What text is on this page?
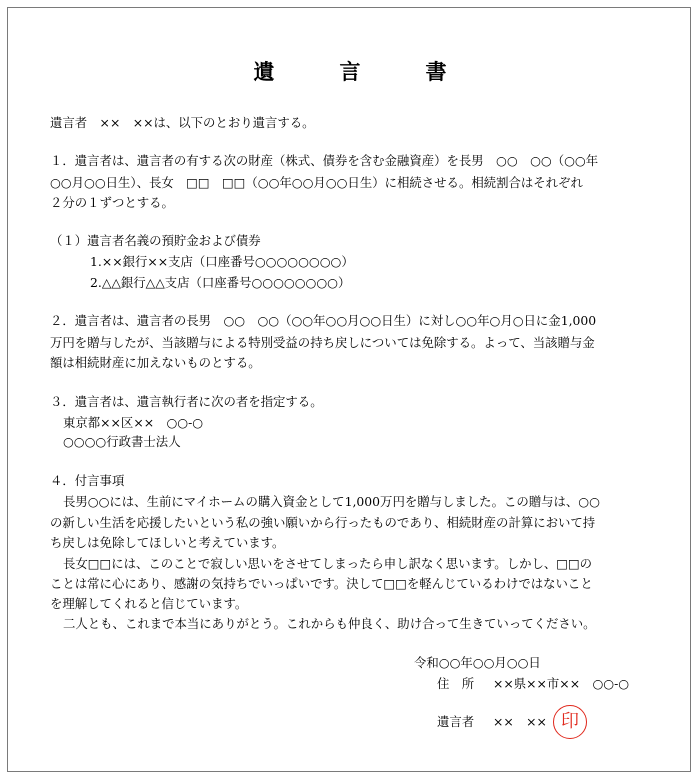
遺　言　書
遺言者　××　××は、以下のとおり遺言する。
１．遺言者は、遺言者の有する次の財産（株式、債券を含む金融資産）を長男　○○　○○（○○年
○○月○○日生）、長女　□□　□□（○○年○○月○○日生）に相続させる。相続割合はそれぞれ
２分の１ずつとする。
（１）遺言者名義の預貯金および債券
1.××銀行××支店（口座番号○○○○○○○○）
2.△△銀行△△支店（口座番号○○○○○○○○）
２．遺言者は、遺言者の長男　○○　○○（○○年○○月○○日生）に対し○○年○月○日に金1,000
万円を贈与したが、当該贈与による特別受益の持ち戻しについては免除する。よって、当該贈与金
額は相続財産に加えないものとする。
３．遺言者は、遺言執行者に次の者を指定する。
東京都××区××　○○-○
○○○○行政書士法人
４．付言事項
長男○○には、生前にマイホームの購入資金として1,000万円を贈与しました。この贈与は、○○
の新しい生活を応援したいという私の強い願いから行ったものであり、相続財産の計算において持
ち戻しは免除してほしいと考えています。
長女□□には、このことで寂しい思いをさせてしまったら申し訳なく思います。しかし、□□の
ことは常に心にあり、感謝の気持ちでいっぱいです。決して□□を軽んじているわけではないこと
を理解してくれると信じています。
二人とも、これまで本当にありがとう。これからも仲良く、助け合って生きていってください。
令和○○年○○月○○日
住　所 ××県××市××　○○-○
遺言者 ××　×× 印
